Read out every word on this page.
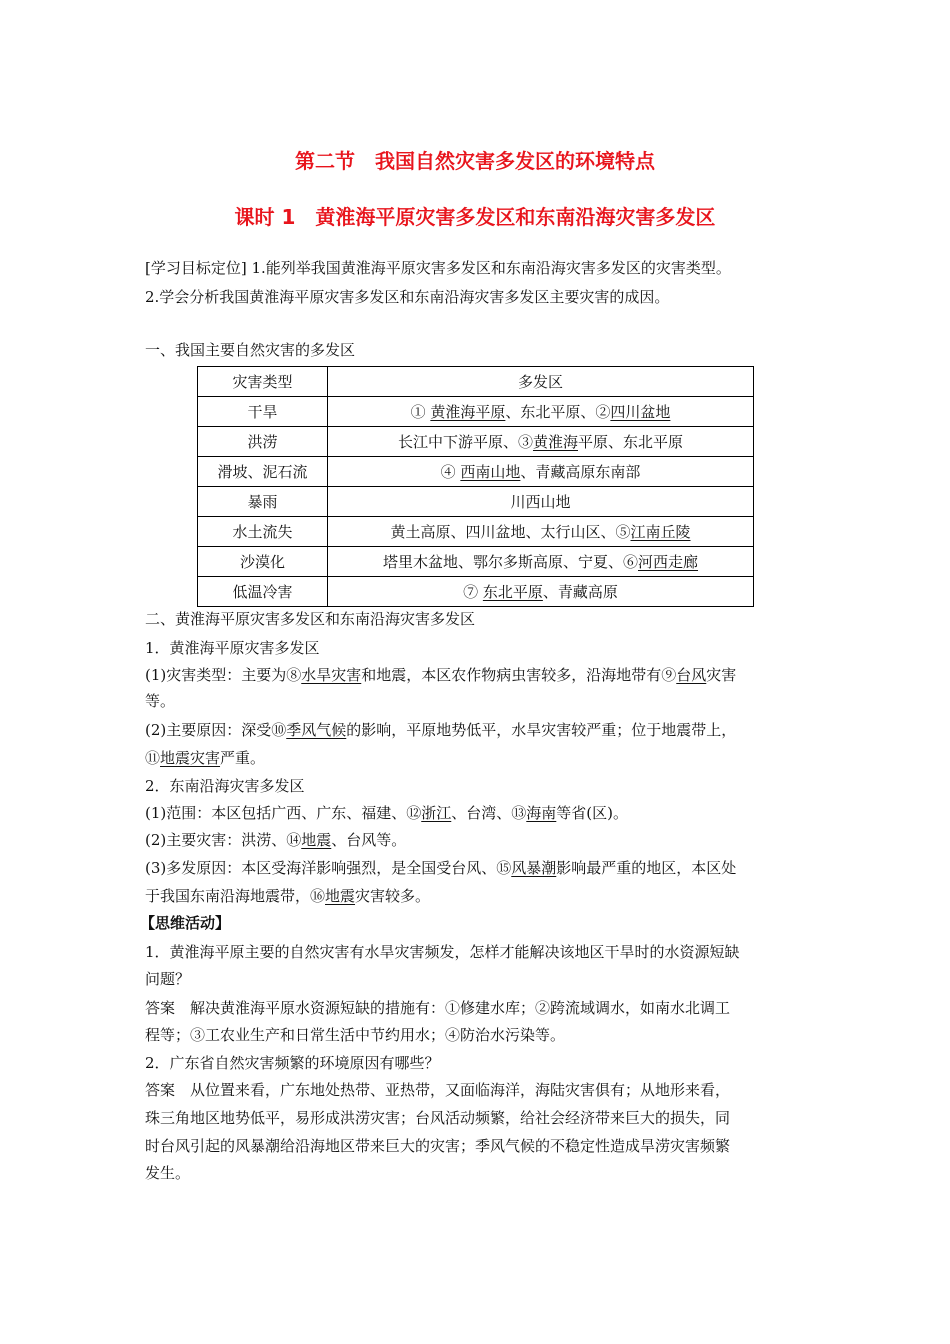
第二节　我国自然灾害多发区的环境特点
课时 1　黄淮海平原灾害多发区和东南沿海灾害多发区
[学习目标定位] 1.能列举我国黄淮海平原灾害多发区和东南沿海灾害多发区的灾害类型。
2.学会分析我国黄淮海平原灾害多发区和东南沿海灾害多发区主要灾害的成因。
一、我国主要自然灾害的多发区
灾害类型	多发区
干旱	① 黄淮海平原、东北平原、②四川盆地
洪涝	长江中下游平原、③黄淮海平原、东北平原
滑坡、泥石流	④ 西南山地、青藏高原东南部
暴雨	川西山地
水土流失	黄土高原、四川盆地、太行山区、⑤江南丘陵
沙漠化	塔里木盆地、鄂尔多斯高原、宁夏、⑥河西走廊
低温冷害	⑦ 东北平原、青藏高原
二、黄淮海平原灾害多发区和东南沿海灾害多发区
1．黄淮海平原灾害多发区
(1)灾害类型：主要为⑧水旱灾害和地震，本区农作物病虫害较多，沿海地带有⑨台风灾害
等。
(2)主要原因：深受⑩季风气候的影响，平原地势低平，水旱灾害较严重；位于地震带上，
⑪地震灾害严重。
2．东南沿海灾害多发区
(1)范围：本区包括广西、广东、福建、⑫浙江、台湾、⑬海南等省(区)。
(2)主要灾害：洪涝、⑭地震、台风等。
(3)多发原因：本区受海洋影响强烈，是全国受台风、⑮风暴潮影响最严重的地区，本区处
于我国东南沿海地震带，⑯地震灾害较多。
【思维活动】
1．黄淮海平原主要的自然灾害有水旱灾害频发，怎样才能解决该地区干旱时的水资源短缺
问题？
答案　解决黄淮海平原水资源短缺的措施有：①修建水库；②跨流域调水，如南水北调工
程等；③工农业生产和日常生活中节约用水；④防治水污染等。
2．广东省自然灾害频繁的环境原因有哪些？
答案　从位置来看，广东地处热带、亚热带，又面临海洋，海陆灾害俱有；从地形来看，
珠三角地区地势低平，易形成洪涝灾害；台风活动频繁，给社会经济带来巨大的损失，同
时台风引起的风暴潮给沿海地区带来巨大的灾害；季风气候的不稳定性造成旱涝灾害频繁
发生。
